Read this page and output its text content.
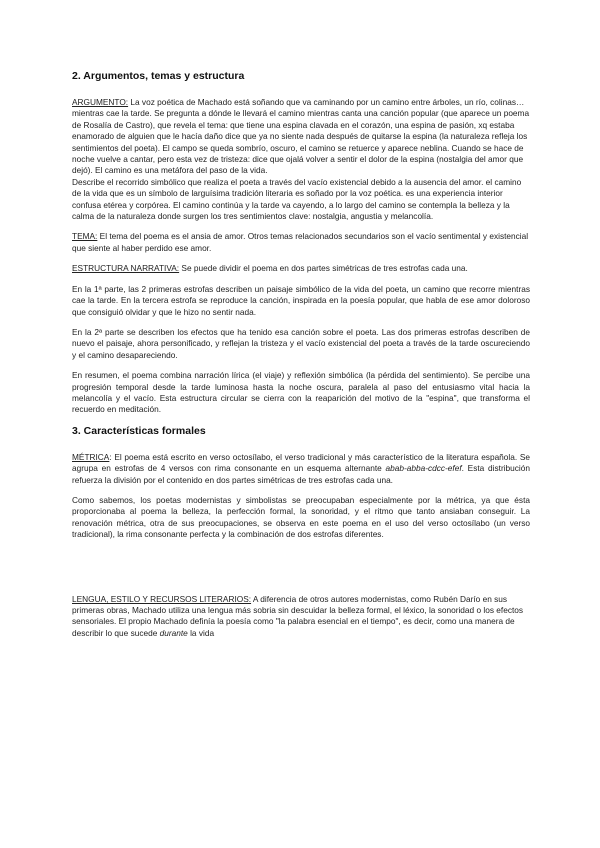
2. Argumentos, temas y estructura

ARGUMENTO: La voz poética de Machado está soñando que va caminando por un camino entre árboles, un río, colinas… mientras cae la tarde. Se pregunta a dónde le llevará el camino mientras canta una canción popular (que aparece un poema de Rosalía de Castro), que revela el tema: que tiene una espina clavada en el corazón, una espina de pasión, xq estaba enamorado de alguien que le hacía daño dice que ya no siente nada después de quitarse la espina (la naturaleza refleja los sentimientos del poeta). El campo se queda sombrío, oscuro, el camino se retuerce y aparece neblina. Cuando se hace de noche vuelve a cantar, pero esta vez de tristeza: dice que ojalá volver a sentir el dolor de la espina (nostalgia del amor que dejó). El camino es una metáfora del paso de la vida.

Describe el recorrido simbólico que realiza el poeta a través del vacío existencial debido a la ausencia del amor. el camino de la vida que es un símbolo de larguísima tradición literaria es soñado por la voz poética. es una experiencia interior confusa etérea y corpórea. El camino continúa y la tarde va cayendo, a lo largo del camino se contempla la belleza y la calma de la naturaleza donde surgen los tres sentimientos clave: nostalgia, angustia y melancolía.

TEMA: El tema del poema es el ansia de amor. Otros temas relacionados secundarios son el vacío sentimental y existencial que siente al haber perdido ese amor.

ESTRUCTURA NARRATIVA: Se puede dividir el poema en dos partes simétricas de tres estrofas cada una.

En la 1ª parte, las 2 primeras estrofas describen un paisaje simbólico de la vida del poeta, un camino que recorre mientras cae la tarde. En la tercera estrofa se reproduce la canción, inspirada en la poesía popular, que habla de ese amor doloroso que consiguió olvidar y que le hizo no sentir nada.

En la 2ª parte se describen los efectos que ha tenido esa canción sobre el poeta. Las dos primeras estrofas describen de nuevo el paisaje, ahora personificado, y reflejan la tristeza y el vacío existencial del poeta a través de la tarde oscureciendo y el camino desapareciendo.

En resumen, el poema combina narración lírica (el viaje) y reflexión simbólica (la pérdida del sentimiento). Se percibe una progresión temporal desde la tarde luminosa hasta la noche oscura, paralela al paso del entusiasmo vital hacia la melancolía y el vacío. Esta estructura circular se cierra con la reaparición del motivo de la "espina", que transforma el recuerdo en meditación.

3. Características formales

MÉTRICA: El poema está escrito en verso octosílabo, el verso tradicional y más característico de la literatura española. Se agrupa en estrofas de 4 versos con rima consonante en un esquema alternante abab-abba-cdcc-efef. Esta distribución refuerza la división por el contenido en dos partes simétricas de tres estrofas cada una.

Como sabemos, los poetas modernistas y simbolistas se preocupaban especialmente por la métrica, ya que ésta proporcionaba al poema la belleza, la perfección formal, la sonoridad, y el ritmo que tanto ansiaban conseguir. La renovación métrica, otra de sus preocupaciones, se observa en este poema en el uso del verso octosílabo (un verso tradicional), la rima consonante perfecta y la combinación de dos estrofas diferentes.

LENGUA, ESTILO Y RECURSOS LITERARIOS: A diferencia de otros autores modernistas, como Rubén Darío en sus primeras obras, Machado utiliza una lengua más sobria sin descuidar la belleza formal, el léxico, la sonoridad o los efectos sensoriales. El propio Machado definía la poesía como "la palabra esencial en el tiempo", es decir, como una manera de describir lo que sucede durante la vida
